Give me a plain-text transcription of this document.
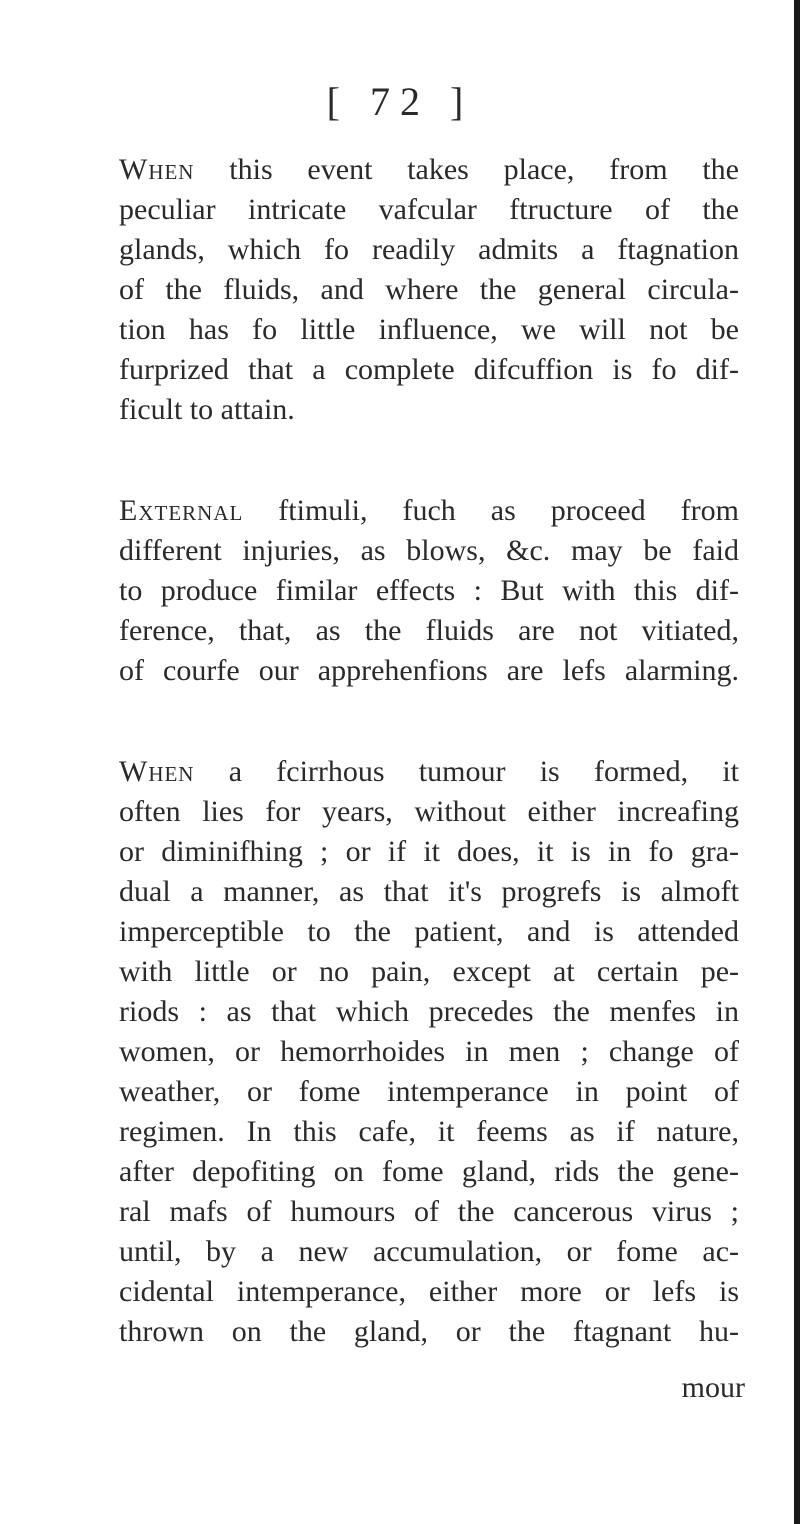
[ 72 ]
When this event takes place, from the
peculiar intricate vafcular ftructure of the
glands, which fo readily admits a ftagnation
of the fluids, and where the general circula-
tion has fo little influence, we will not be
furprized that a complete difcuffion is fo dif-
ficult to attain.
External ftimuli, fuch as proceed from
different injuries, as blows, &c. may be faid
to produce fimilar effects : But with this dif-
ference, that, as the fluids are not vitiated,
of courfe our apprehenfions are lefs alarming.
When a fcirrhous tumour is formed, it
often lies for years, without either increafing
or diminifhing ; or if it does, it is in fo gra-
dual a manner, as that it's progrefs is almoft
imperceptible to the patient, and is attended
with little or no pain, except at certain pe-
riods : as that which precedes the menfes in
women, or hemorrhoides in men ; change of
weather, or fome intemperance in point of
regimen. In this cafe, it feems as if nature,
after depofiting on fome gland, rids the gene-
ral mafs of humours of the cancerous virus ;
until, by a new accumulation, or fome ac-
cidental intemperance, either more or lefs is
thrown on the gland, or the ftagnant hu-
mour
